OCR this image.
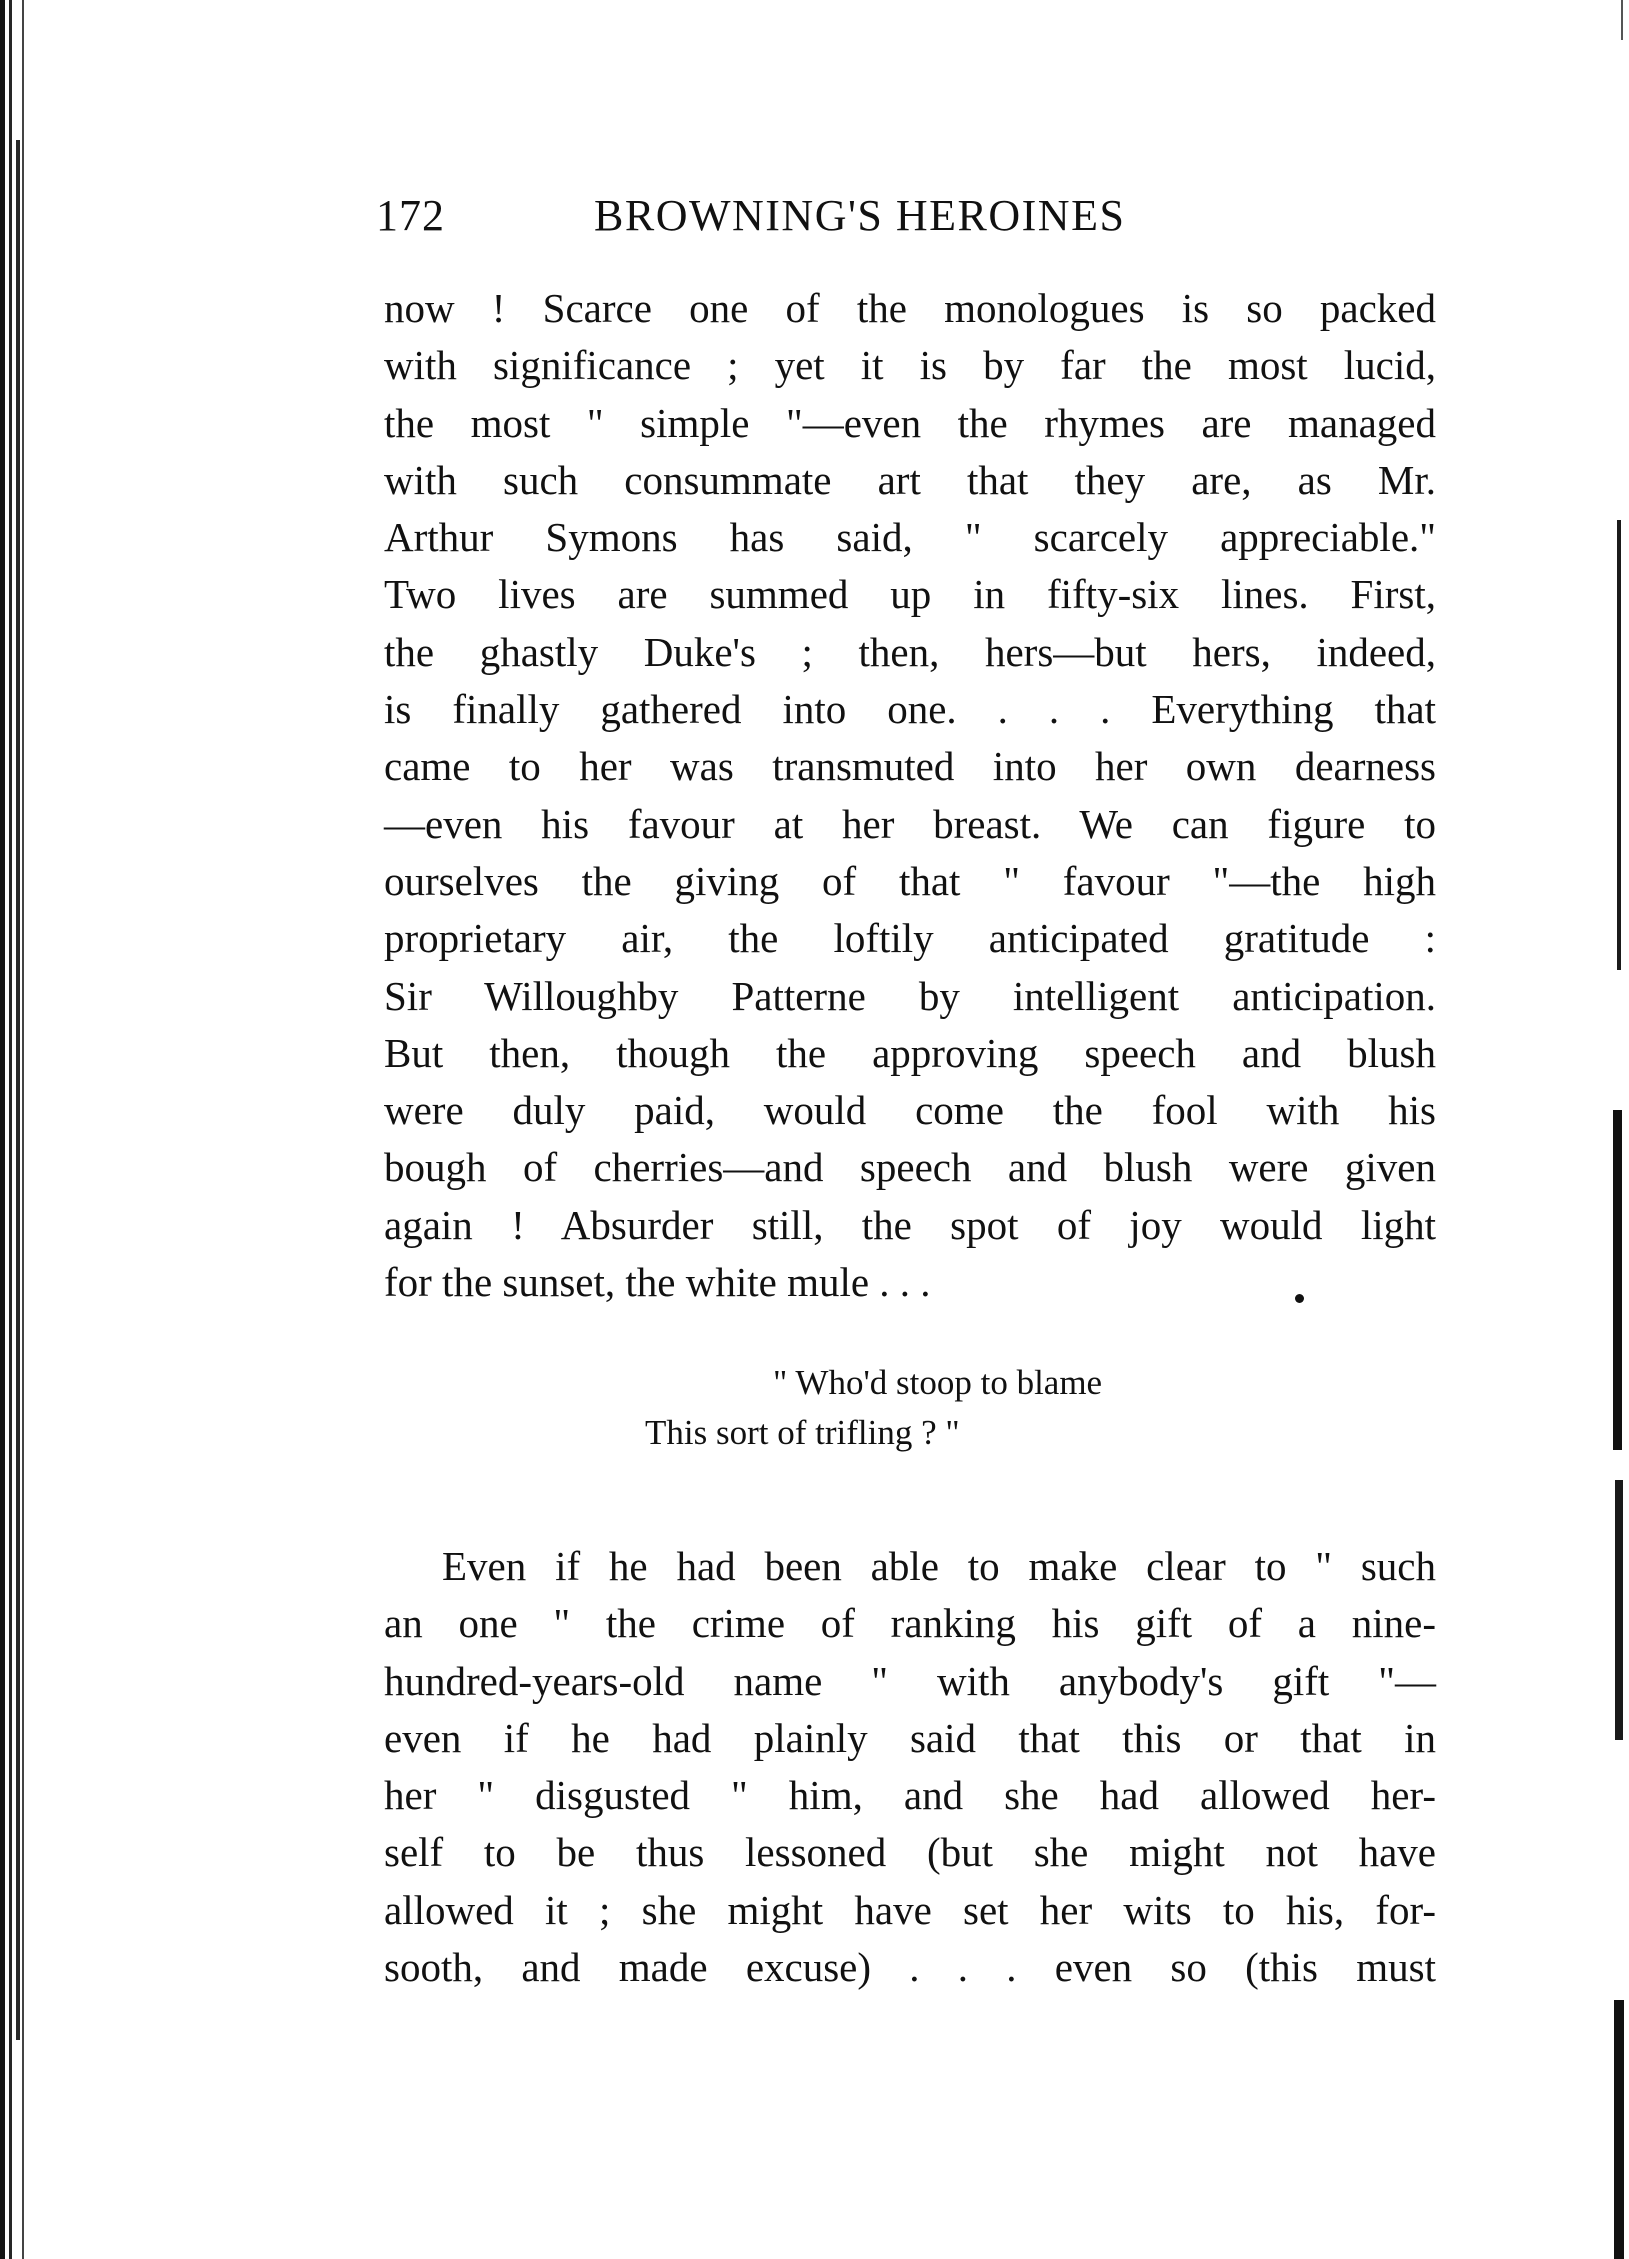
172	BROWNING'S HEROINES
now ! Scarce one of the monologues is so packed
with significance ; yet it is by far the most lucid,
the most " simple "—even the rhymes are managed
with such consummate art that they are, as Mr.
Arthur Symons has said, " scarcely appreciable."
Two lives are summed up in fifty-six lines. First,
the ghastly Duke's ; then, hers—but hers, indeed,
is finally gathered into one. . . . Everything that
came to her was transmuted into her own dearness
—even his favour at her breast. We can figure to
ourselves the giving of that " favour "—the high
proprietary air, the loftily anticipated gratitude :
Sir Willoughby Patterne by intelligent anticipation.
But then, though the approving speech and blush
were duly paid, would come the fool with his
bough of cherries—and speech and blush were given
again ! Absurder still, the spot of joy would light
for the sunset, the white mule . . .
" Who'd stoop to blame
This sort of trifling ? "
Even if he had been able to make clear to " such
an one " the crime of ranking his gift of a nine-
hundred-years-old name " with anybody's gift "—
even if he had plainly said that this or that in
her " disgusted " him, and she had allowed her-
self to be thus lessoned (but she might not have
allowed it ; she might have set her wits to his, for-
sooth, and made excuse) . . . even so (this must
